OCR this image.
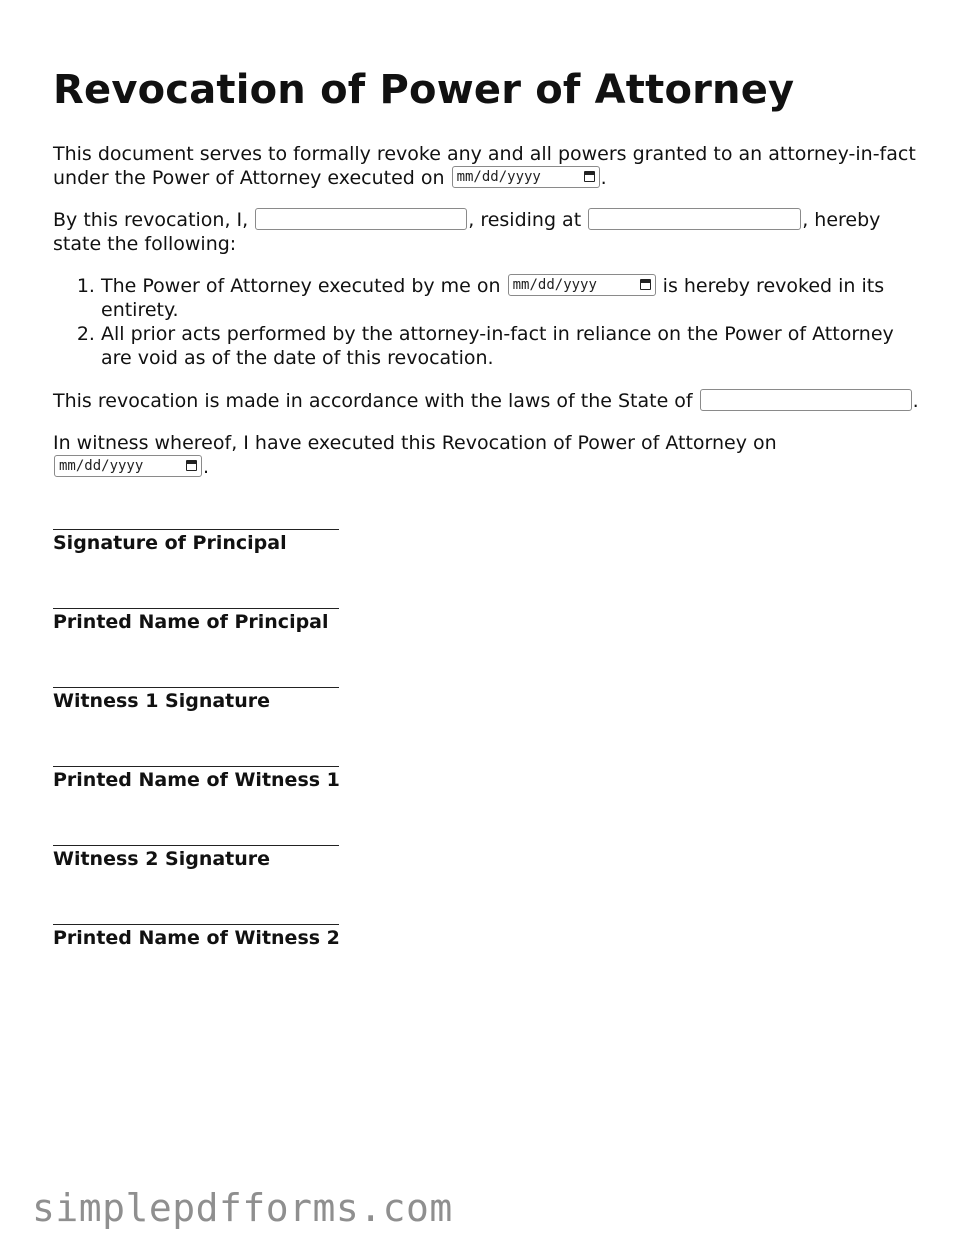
Revocation of Power of Attorney

This document serves to formally revoke any and all powers granted to an attorney-in-fact under the Power of Attorney executed on mm/dd/yyyy	.

By this revocation, I,	, residing at	, hereby state the following:

1. The Power of Attorney executed by me on mm/dd/yyyy	is hereby revoked in its entirety.
2. All prior acts performed by the attorney-in-fact in reliance on the Power of Attorney are void as of the date of this revocation.

This revocation is made in accordance with the laws of the State of	.

In witness whereof, I have executed this Revocation of Power of Attorney on

mm/dd/yyyy	.

Signature of Principal
Printed Name of Principal
Witness 1 Signature
Printed Name of Witness 1
Witness 2 Signature
Printed Name of Witness 2
simplepdfforms.com
